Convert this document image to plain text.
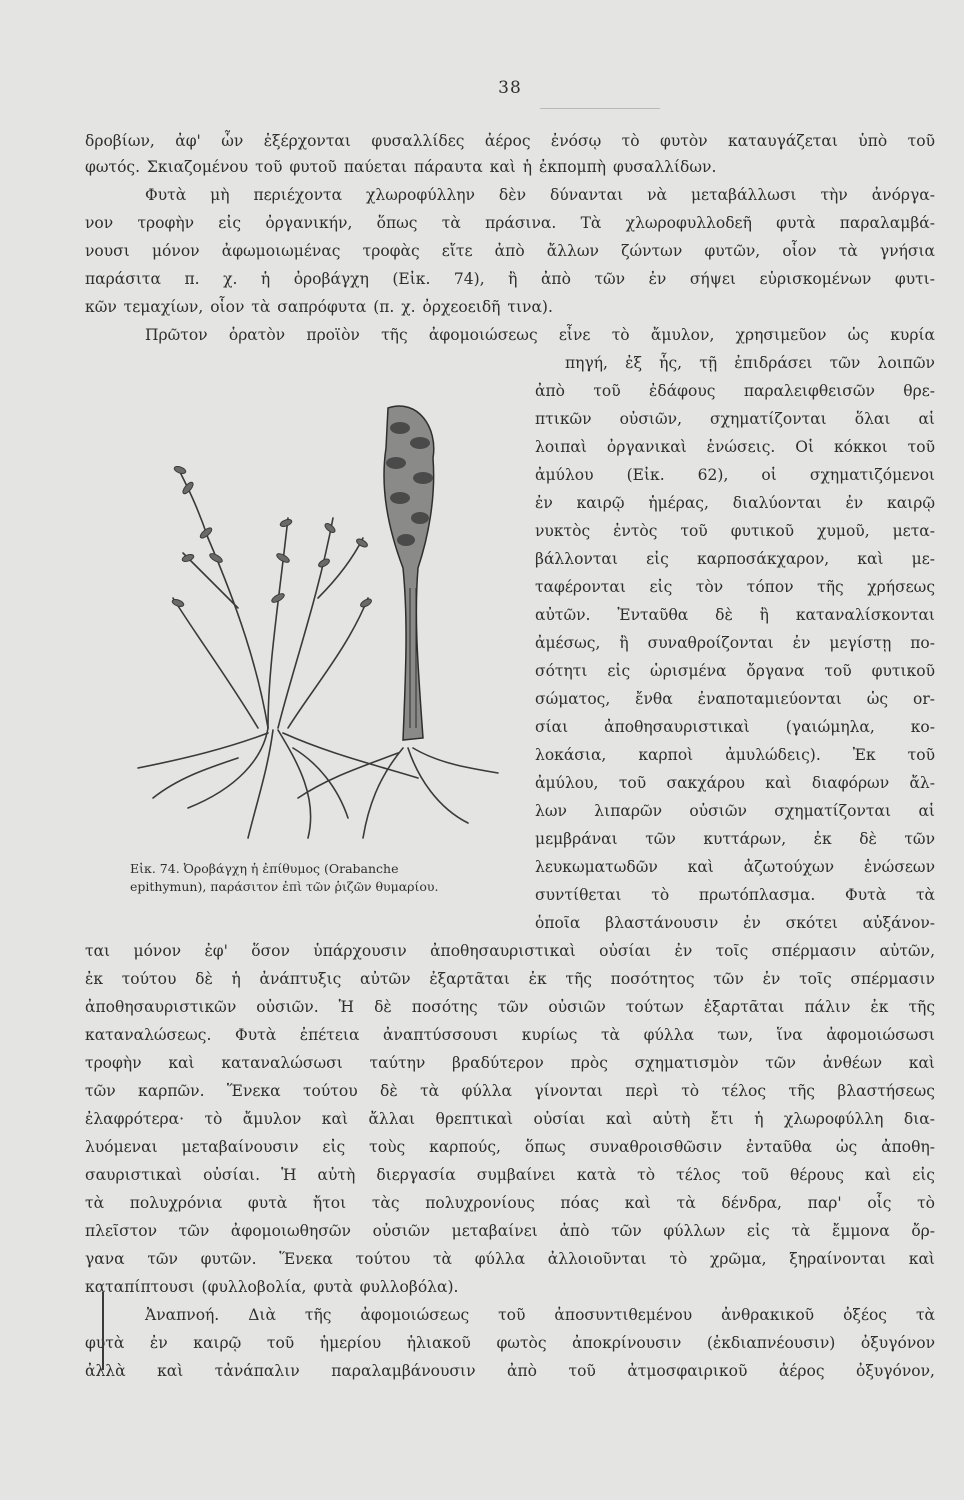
38
δροβίων, ἀφ' ὧν ἐξέρχονται φυσαλλίδες ἀέρος ἐνόσῳ τὸ φυτὸν καταυγάζεται ὑπὸ τοῦ
φωτός. Σκιαζομένου τοῦ φυτοῦ παύεται πάραυτα καὶ ἡ ἐκπομπὴ φυσαλλίδων.
Φυτὰ μὴ περιέχοντα χλωροφύλλην δὲν δύνανται νὰ μεταβάλλωσι τὴν ἀνόργα-
νον τροφὴν εἰς ὀργανικήν, ὅπως τὰ πράσινα. Τὰ χλωροφυλλοδεῆ φυτὰ παραλαμβά-
νουσι μόνον ἀφωμοιωμένας τροφὰς εἴτε ἀπὸ ἄλλων ζώντων φυτῶν, οἷον τὰ γνήσια
παράσιτα π. χ. ἡ ὀροβάγχη (Εἰκ. 74), ἢ ἀπὸ τῶν ἐν σήψει εὑρισκομένων φυτι-
κῶν τεμαχίων, οἷον τὰ σαπρόφυτα (π. χ. ὀρχεοειδῆ τινα).
Πρῶτον ὁρατὸν προϊὸν τῆς ἀφομοιώσεως εἶνε τὸ ἄμυλον, χρησιμεῦον ὡς κυρία
Εἰκ. 74. Ὀροβάγχη ἡ ἐπίθυμος (Orabanche
epithymun), παράσιτον ἐπὶ τῶν ῥιζῶν θυμαρίου.
πηγή, ἐξ ἧς, τῇ ἐπιδράσει τῶν λοιπῶν
ἀπὸ τοῦ ἐδάφους παραλειφθεισῶν θρε-
πτικῶν οὐσιῶν, σχηματίζονται ὅλαι αἱ
λοιπαὶ ὀργανικαὶ ἑνώσεις. Οἱ κόκκοι τοῦ
ἀμύλου (Εἰκ. 62), οἱ σχηματιζόμενοι
ἐν καιρῷ ἡμέρας, διαλύονται ἐν καιρῷ
νυκτὸς ἐντὸς τοῦ φυτικοῦ χυμοῦ, μετα-
βάλλονται εἰς καρποσάκχαρον, καὶ με-
ταφέρονται εἰς τὸν τόπον τῆς χρήσεως
αὐτῶν. Ἐνταῦθα δὲ ἢ καταναλίσκονται
ἀμέσως, ἢ συναθροίζονται ἐν μεγίστῃ πο-
σότητι εἰς ὡρισμένα ὄργανα τοῦ φυτικοῦ
σώματος, ἔνθα ἐναποταμιεύονται ὡς or-
σίαι ἀποθησαυριστικαὶ (γαιώμηλα, κο-
λοκάσια, καρποὶ ἀμυλώδεις). Ἐκ τοῦ
ἀμύλου, τοῦ σακχάρου καὶ διαφόρων ἄλ-
λων λιπαρῶν οὐσιῶν σχηματίζονται αἱ
μεμβράναι τῶν κυττάρων, ἐκ δὲ τῶν
λευκωματωδῶν καὶ ἀζωτούχων ἑνώσεων
συντίθεται τὸ πρωτόπλασμα. Φυτὰ τὰ
ὁποῖα βλαστάνουσιν ἐν σκότει αὐξάνον-
ται μόνον ἐφ' ὅσον ὑπάρχουσιν ἀποθησαυριστικαὶ οὐσίαι ἐν τοῖς σπέρμασιν αὐτῶν,
ἐκ τούτου δὲ ἡ ἀνάπτυξις αὐτῶν ἐξαρτᾶται ἐκ τῆς ποσότητος τῶν ἐν τοῖς σπέρμασιν
ἀποθησαυριστικῶν οὐσιῶν. Ἡ δὲ ποσότης τῶν οὐσιῶν τούτων ἐξαρτᾶται πάλιν ἐκ τῆς
καταναλώσεως. Φυτὰ ἐπέτεια ἀναπτύσσουσι κυρίως τὰ φύλλα των, ἵνα ἀφομοιώσωσι
τροφὴν καὶ καταναλώσωσι ταύτην βραδύτερον πρὸς σχηματισμὸν τῶν ἀνθέων καὶ
τῶν καρπῶν. Ἕνεκα τούτου δὲ τὰ φύλλα γίνονται περὶ τὸ τέλος τῆς βλαστήσεως
ἐλαφρότερα· τὸ ἄμυλον καὶ ἄλλαι θρεπτικαὶ οὐσίαι καὶ αὐτὴ ἔτι ἡ χλωροφύλλη δια-
λυόμεναι μεταβαίνουσιν εἰς τοὺς καρπούς, ὅπως συναθροισθῶσιν ἐνταῦθα ὡς ἀποθη-
σαυριστικαὶ οὐσίαι. Ἡ αὐτὴ διεργασία συμβαίνει κατὰ τὸ τέλος τοῦ θέρους καὶ εἰς
τὰ πολυχρόνια φυτὰ ἤτοι τὰς πολυχρονίους πόας καὶ τὰ δένδρα, παρ' οἷς τὸ
πλεῖστον τῶν ἀφομοιωθησῶν οὐσιῶν μεταβαίνει ἀπὸ τῶν φύλλων εἰς τὰ ἔμμονα ὄρ-
γανα τῶν φυτῶν. Ἕνεκα τούτου τὰ φύλλα ἀλλοιοῦνται τὸ χρῶμα, ξηραίνονται καὶ
καταπίπτουσι (φυλλοβολία, φυτὰ φυλλοβόλα).
Ἀναπνοή. Διὰ τῆς ἀφομοιώσεως τοῦ ἀποσυντιθεμένου ἀνθρακικοῦ ὀξέος τὰ
φυτὰ ἐν καιρῷ τοῦ ἡμερίου ἡλιακοῦ φωτὸς ἀποκρίνουσιν (ἐκδιαπνέουσιν) ὀξυγόνον
ἀλλὰ καὶ τἀνάπαλιν παραλαμβάνουσιν ἀπὸ τοῦ ἀτμοσφαιρικοῦ ἀέρος ὀξυγόνον,
